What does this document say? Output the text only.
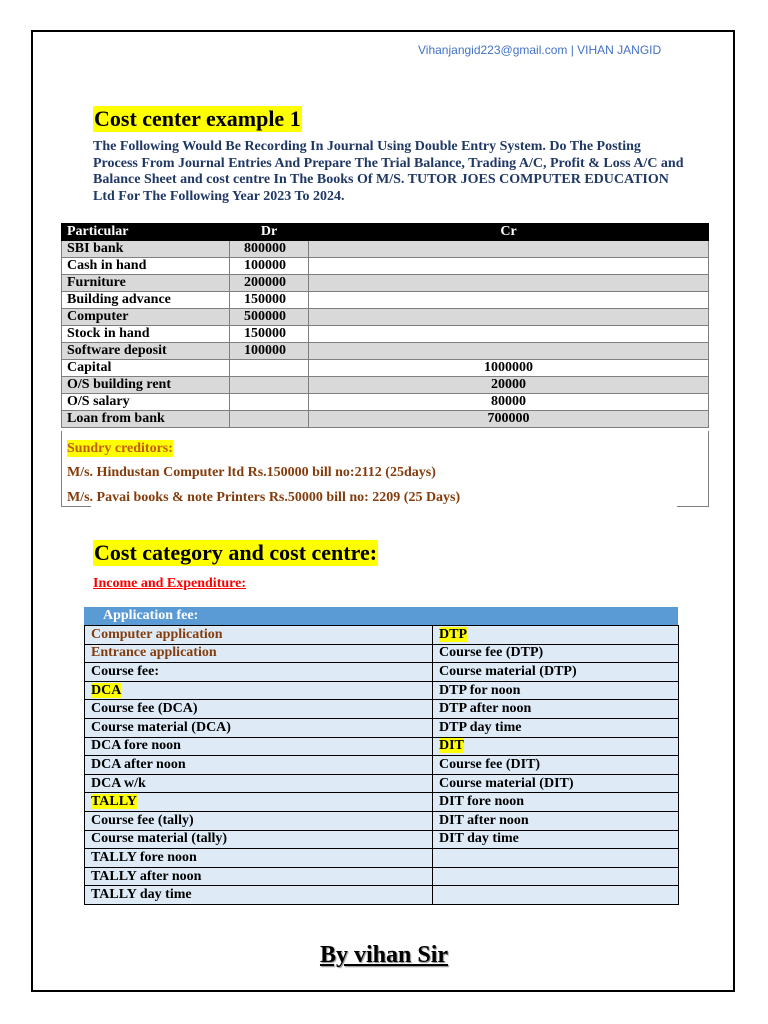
Vihanjangid223@gmail.com | VIHAN JANGID
Cost center example 1
The Following Would Be Recording In Journal Using Double Entry System. Do The Posting Process From Journal Entries And Prepare The Trial Balance, Trading A/C, Profit & Loss A/C and Balance Sheet and cost centre In The Books Of M/S. TUTOR JOES COMPUTER EDUCATION Ltd For The Following Year 2023 To 2024.
Particular	Dr	Cr
SBI bank	800000	
Cash in hand	100000	
Furniture	200000	
Building advance	150000	
Computer	500000	
Stock in hand	150000	
Software deposit	100000	
Capital		1000000
O/S building rent		20000
O/S salary		80000
Loan from bank		700000
Sundry creditors:
M/s. Hindustan Computer ltd Rs.150000 bill no:2112 (25days)
M/s. Pavai books & note Printers Rs.50000 bill no: 2209 (25 Days)
Cost category and cost centre:
Income and Expenditure:
Application fee:
Computer application	DTP
Entrance application	Course fee (DTP)
Course fee:	Course material (DTP)
DCA	DTP for noon
Course fee (DCA)	DTP after noon
Course material (DCA)	DTP day time
DCA fore noon	DIT
DCA after noon	Course fee (DIT)
DCA w/k	Course material (DIT)
TALLY	DIT fore noon
Course fee (tally)	DIT after noon
Course material (tally)	DIT day time
TALLY fore noon	
TALLY after noon	
TALLY day time	
By vihan Sir
